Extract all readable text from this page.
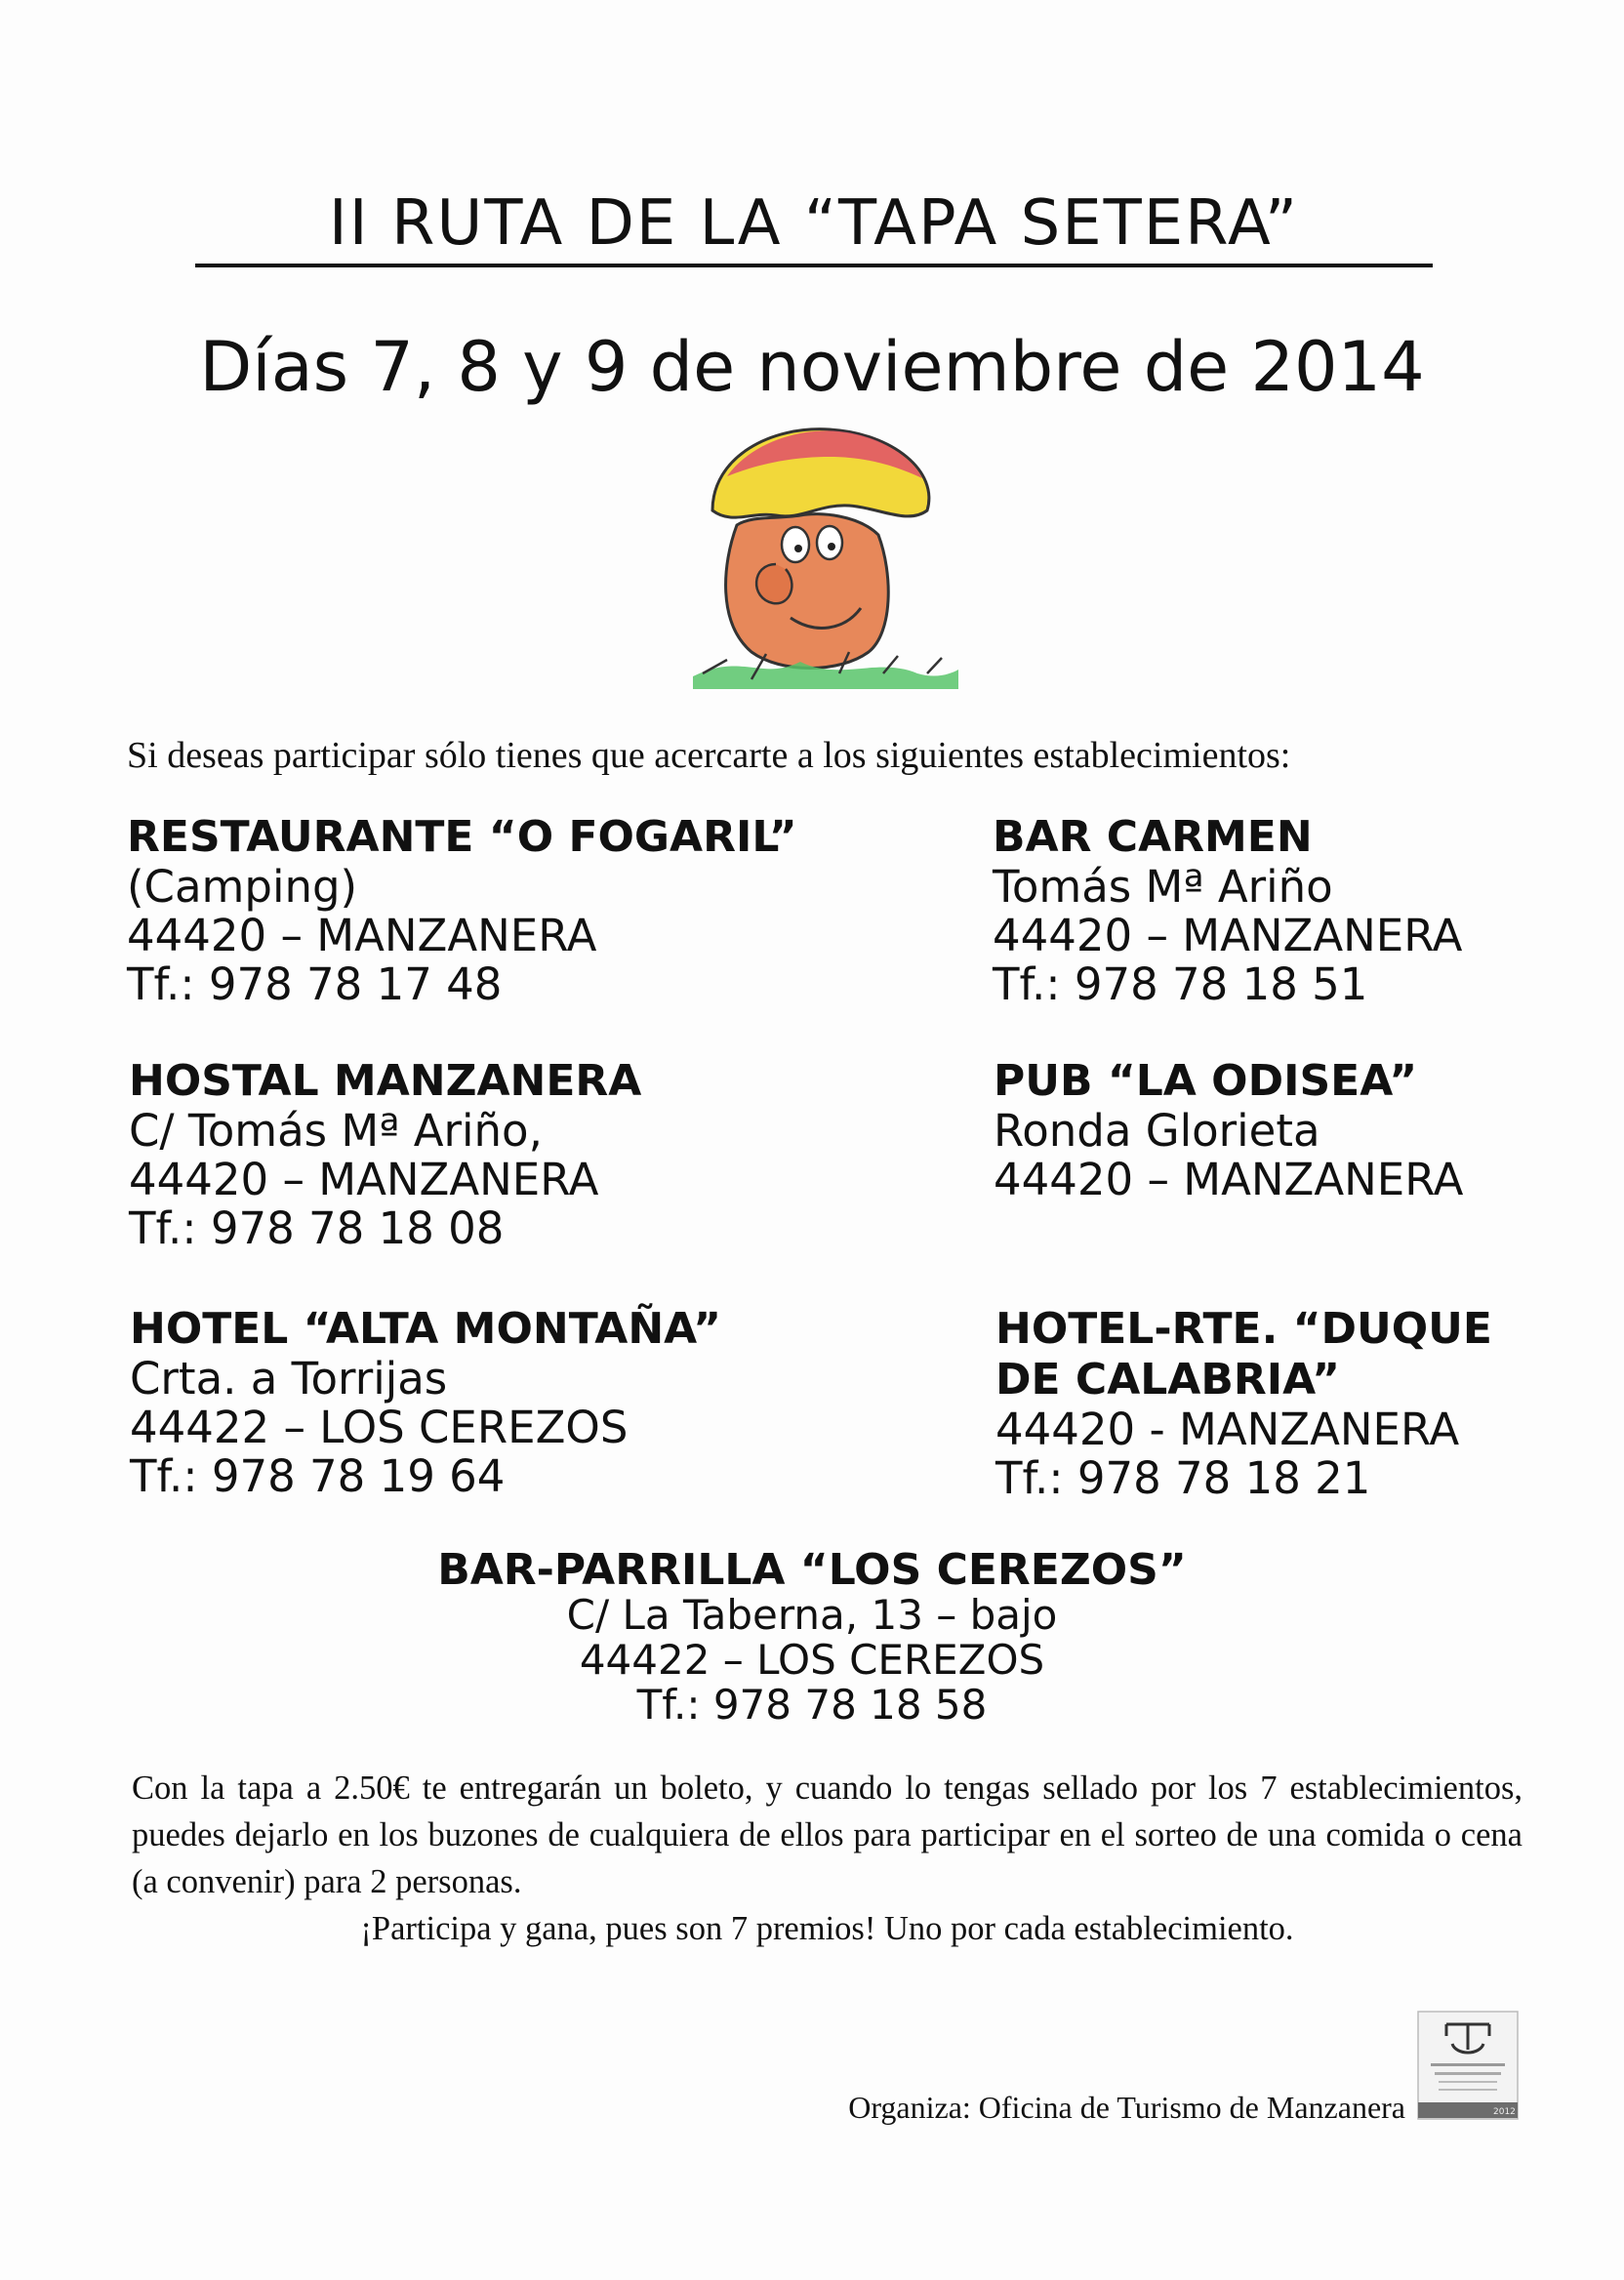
II RUTA DE LA “TAPA SETERA”
Días 7, 8 y 9 de noviembre de 2014
Si deseas participar sólo tienes que acercarte a los siguientes establecimientos:
RESTAURANTE “O FOGARIL”
(Camping)
44420 – MANZANERA
Tf.: 978 78 17 48
BAR CARMEN
Tomás Mª Ariño
44420 – MANZANERA
Tf.: 978 78 18 51
HOSTAL MANZANERA
C/ Tomás Mª Ariño,
44420 – MANZANERA
Tf.: 978 78 18 08
PUB “LA ODISEA”
Ronda Glorieta
44420 – MANZANERA
HOTEL “ALTA MONTAÑA”
Crta. a Torrijas
44422 – LOS CEREZOS
Tf.: 978 78 19 64
HOTEL-RTE. “DUQUE
DE CALABRIA”
44420 - MANZANERA
Tf.: 978 78 18 21
BAR-PARRILLA “LOS CEREZOS”
C/ La Taberna, 13 – bajo
44422 – LOS CEREZOS
Tf.: 978 78 18 58

Con la tapa a 2.50€ te entregarán un boleto, y cuando lo tengas sellado por los 7 establecimientos, puedes dejarlo en los buzones de cualquiera de ellos para participar en el sorteo de una comida o cena (a convenir) para 2 personas.

¡Participa y gana, pues son 7 premios! Uno por cada establecimiento.

Organiza: Oficina de Turismo de Manzanera	2012
